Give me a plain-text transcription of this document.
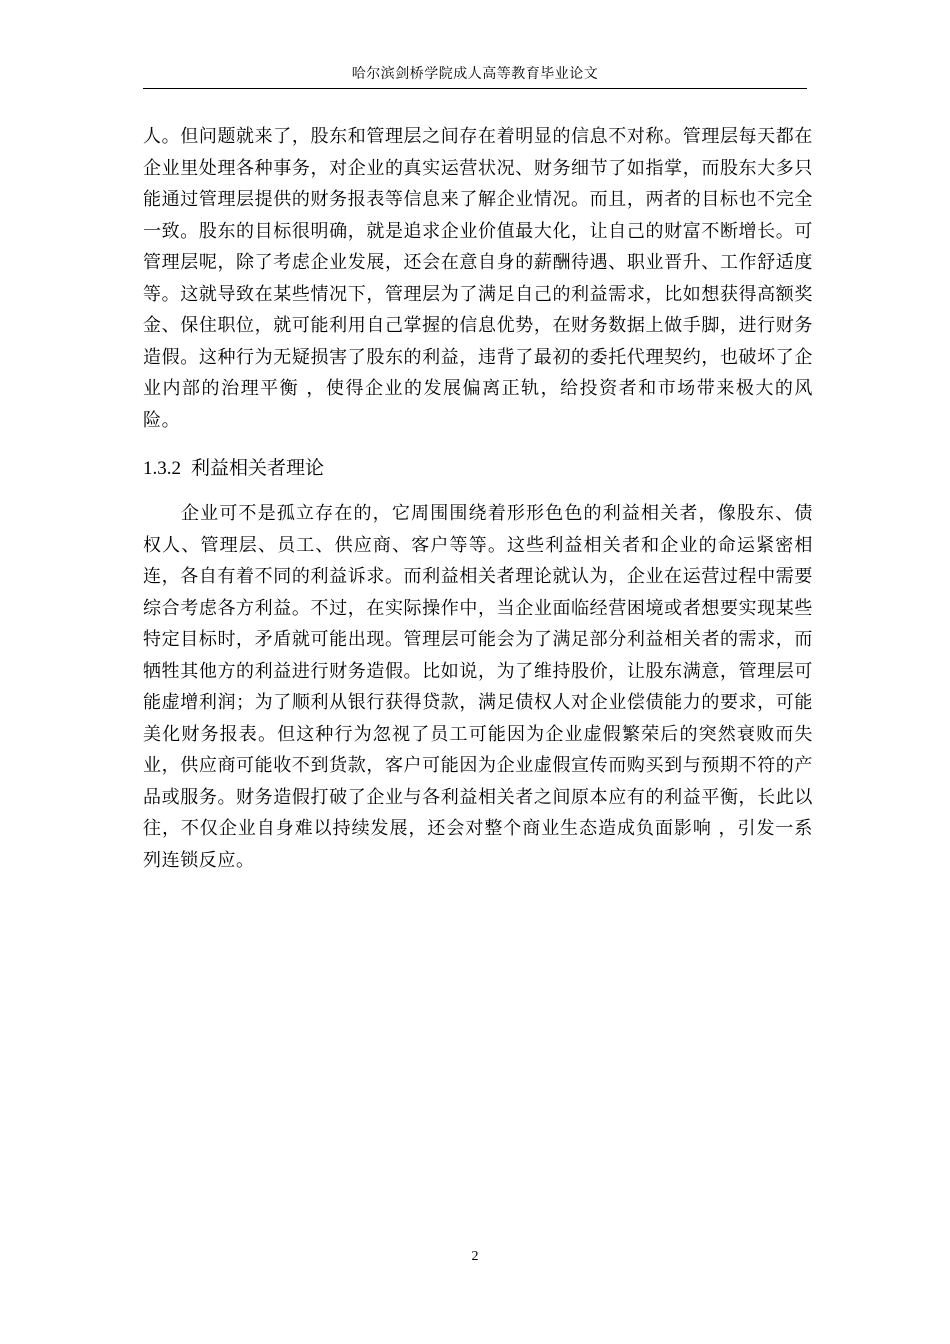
哈尔滨剑桥学院成人高等教育毕业论文

人。但问题就来了，股东和管理层之间存在着明显的信息不对称。管理层每天都在企业里处理各种事务，对企业的真实运营状况、财务细节了如指掌，而股东大多只能通过管理层提供的财务报表等信息来了解企业情况。而且，两者的目标也不完全一致。股东的目标很明确，就是追求企业价值最大化，让自己的财富不断增长。可管理层呢，除了考虑企业发展，还会在意自身的薪酬待遇、职业晋升、工作舒适度等。这就导致在某些情况下，管理层为了满足自己的利益需求，比如想获得高额奖金、保住职位，就可能利用自己掌握的信息优势，在财务数据上做手脚，进行财务造假。这种行为无疑损害了股东的利益，违背了最初的委托代理契约，也破坏了企业内部的治理平衡 ，使得企业的发展偏离正轨，给投资者和市场带来极大的风险。

1.3.2 利益相关者理论

企业可不是孤立存在的，它周围围绕着形形色色的利益相关者，像股东、债权人、管理层、员工、供应商、客户等等。这些利益相关者和企业的命运紧密相连，各自有着不同的利益诉求。而利益相关者理论就认为，企业在运营过程中需要综合考虑各方利益。不过，在实际操作中，当企业面临经营困境或者想要实现某些特定目标时，矛盾就可能出现。管理层可能会为了满足部分利益相关者的需求，而牺牲其他方的利益进行财务造假。比如说，为了维持股价，让股东满意，管理层可能虚增利润；为了顺利从银行获得贷款，满足债权人对企业偿债能力的要求，可能美化财务报表。但这种行为忽视了员工可能因为企业虚假繁荣后的突然衰败而失业，供应商可能收不到货款，客户可能因为企业虚假宣传而购买到与预期不符的产品或服务。财务造假打破了企业与各利益相关者之间原本应有的利益平衡，长此以往，不仅企业自身难以持续发展，还会对整个商业生态造成负面影响 ，引发一系列连锁反应。

2
